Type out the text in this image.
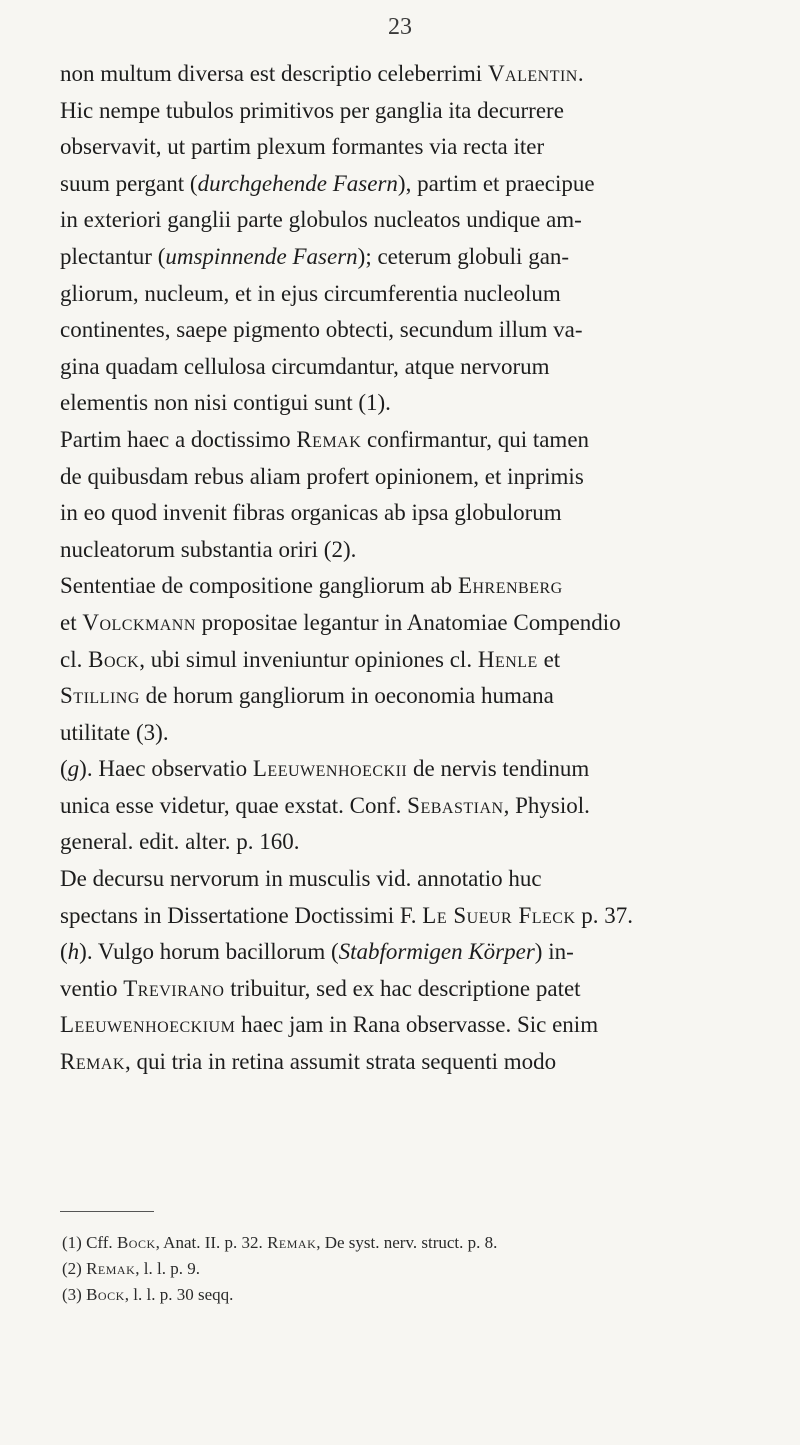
23
non multum diversa est descriptio celeberrimi Valentin.
Hic nempe tubulos primitivos per ganglia ita decurrere
observavit, ut partim plexum formantes via recta iter
suum pergant (durchgehende Fasern), partim et praecipue
in exteriori ganglii parte globulos nucleatos undique am-
plectantur (umspinnende Fasern); ceterum globuli gan-
gliorum, nucleum, et in ejus circumferentia nucleolum
continentes, saepe pigmento obtecti, secundum illum va-
gina quadam cellulosa circumdantur, atque nervorum
elementis non nisi contigui sunt (1).
Partim haec a doctissimo Remak confirmantur, qui tamen
de quibusdam rebus aliam profert opinionem, et inprimis
in eo quod invenit fibras organicas ab ipsa globulorum
nucleatorum substantia oriri (2).
Sententiae de compositione gangliorum ab Ehrenberg
et Volckmann propositae legantur in Anatomiae Compendio
cl. Bock, ubi simul inveniuntur opiniones cl. Henle et
Stilling de horum gangliorum in oeconomia humana
utilitate (3).
(g). Haec observatio Leeuwenhoeckii de nervis tendinum
unica esse videtur, quae exstat. Conf. Sebastian, Physiol.
general. edit. alter. p. 160.
De decursu nervorum in musculis vid. annotatio huc
spectans in Dissertatione Doctissimi F. Le Sueur Fleck p. 37.
(h). Vulgo horum bacillorum (Stabformigen Körper) in-
ventio Treviranо tribuitur, sed ex hac descriptione patet
Leeuwenhoeckium haec jam in Rana observasse. Sic enim
Remak, qui tria in retina assumit strata sequenti modo
(1) Cff. Bock, Anat. II. p. 32. Remak, De syst. nerv. struct. p. 8.
(2) Remak, l. l. p. 9.
(3) Bock, l. l. p. 30 seqq.
